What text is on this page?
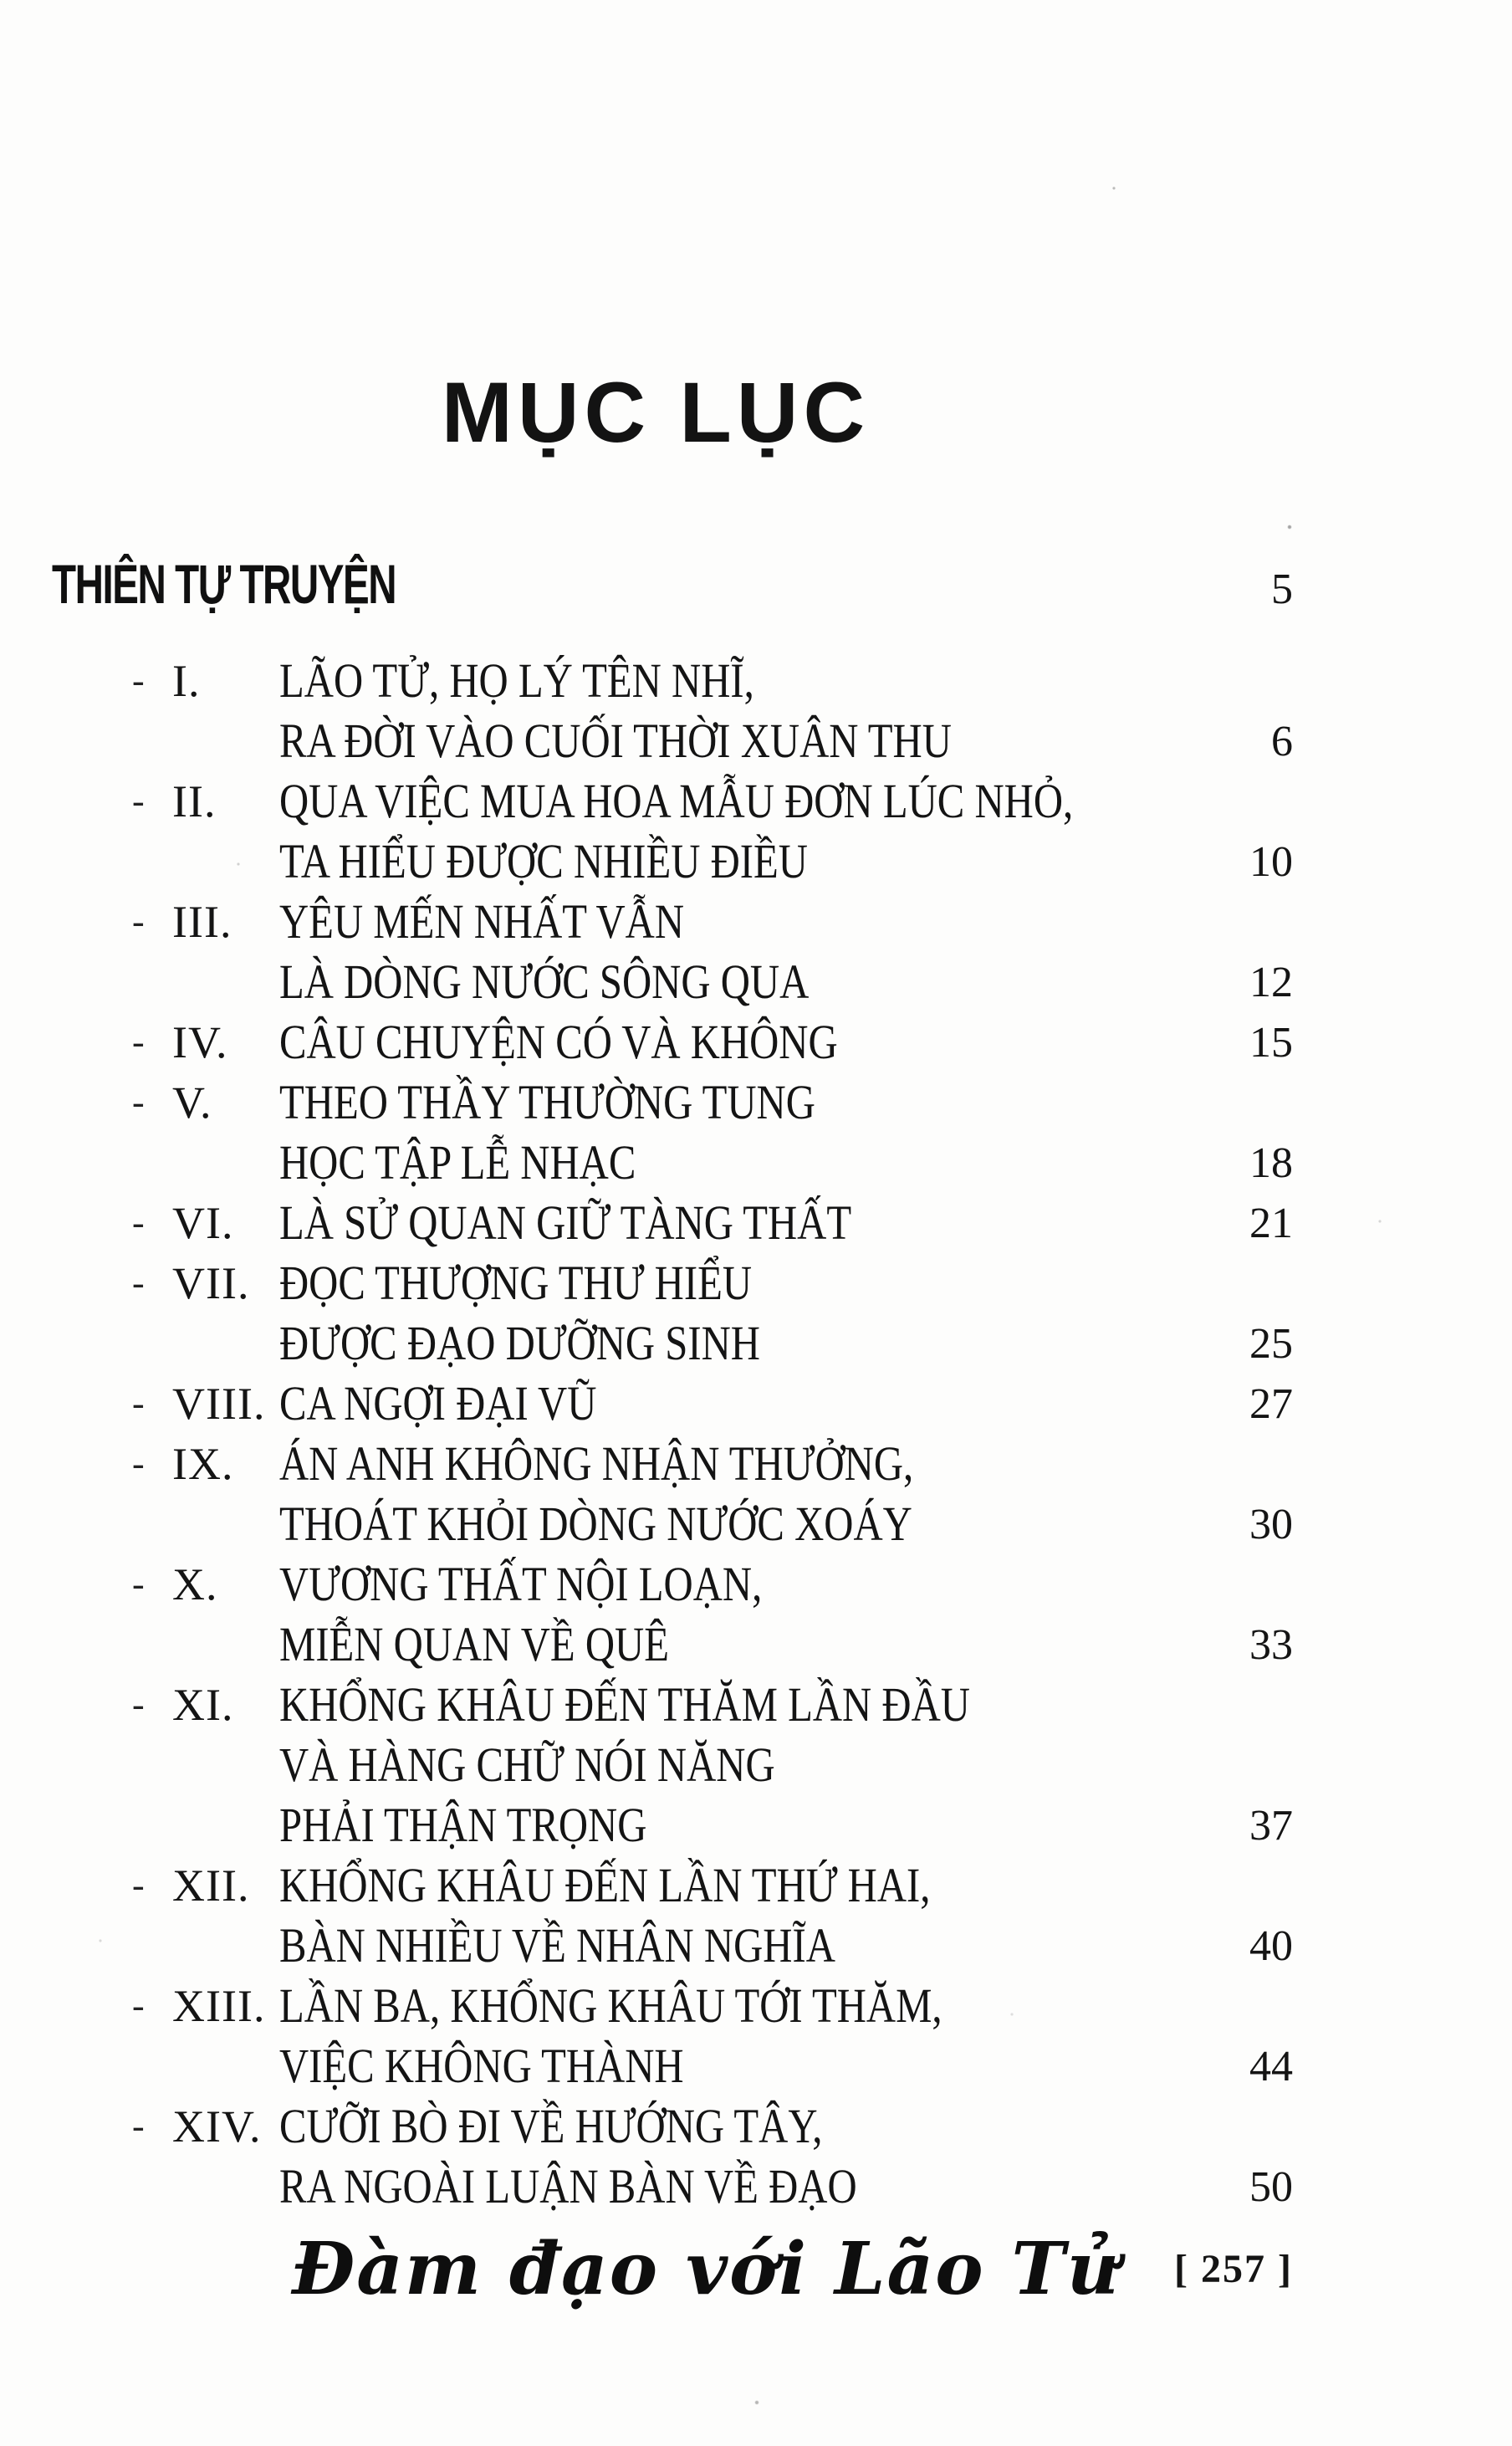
MỤC LỤC
THIÊN TỰ TRUYỆN	5
- I.	LÃO TỬ, HỌ LÝ TÊN NHĨ,
RA ĐỜI VÀO CUỐI THỜI XUÂN THU	6
- II.	QUA VIỆC MUA HOA MẪU ĐƠN LÚC NHỎ,
TA HIỂU ĐƯỢC NHIỀU ĐIỀU	10
- III. YÊU MẾN NHẤT VẪN
LÀ DÒNG NƯỚC SÔNG QUA	12
- IV.	CÂU CHUYỆN CÓ VÀ KHÔNG	15
- V.	THEO THẦY THƯỜNG TUNG
HỌC TẬP LỄ NHẠC	18
- VI. LÀ SỬ QUAN GIỮ TÀNG THẤT	21
- VII. ĐỌC THƯỢNG THƯ HIỂU
ĐƯỢC ĐẠO DƯỠNG SINH	25
- VIII. CA NGỢI ĐẠI VŨ	27
- IX. ÁN ANH KHÔNG NHẬN THƯỞNG,
THOÁT KHỎI DÒNG NƯỚC XOÁY	30
- X.	VƯƠNG THẤT NỘI LOẠN,
MIỄN QUAN VỀ QUÊ	33
- XI. KHỔNG KHÂU ĐẾN THĂM LẦN ĐẦU
VÀ HÀNG CHỮ NÓI NĂNG
PHẢI THẬN TRỌNG	37
- XII. KHỔNG KHÂU ĐẾN LẦN THỨ HAI,
BÀN NHIỀU VỀ NHÂN NGHĨA	40
- XIII. LẦN BA, KHỔNG KHÂU TỚI THĂM,
VIỆC KHÔNG THÀNH	44
- XIV. CƯỠI BÒ ĐI VỀ HƯỚNG TÂY,
RA NGOÀI LUẬN BÀN VỀ ĐẠO	50
Đàm đạo với Lão Tử [ 257 ]
